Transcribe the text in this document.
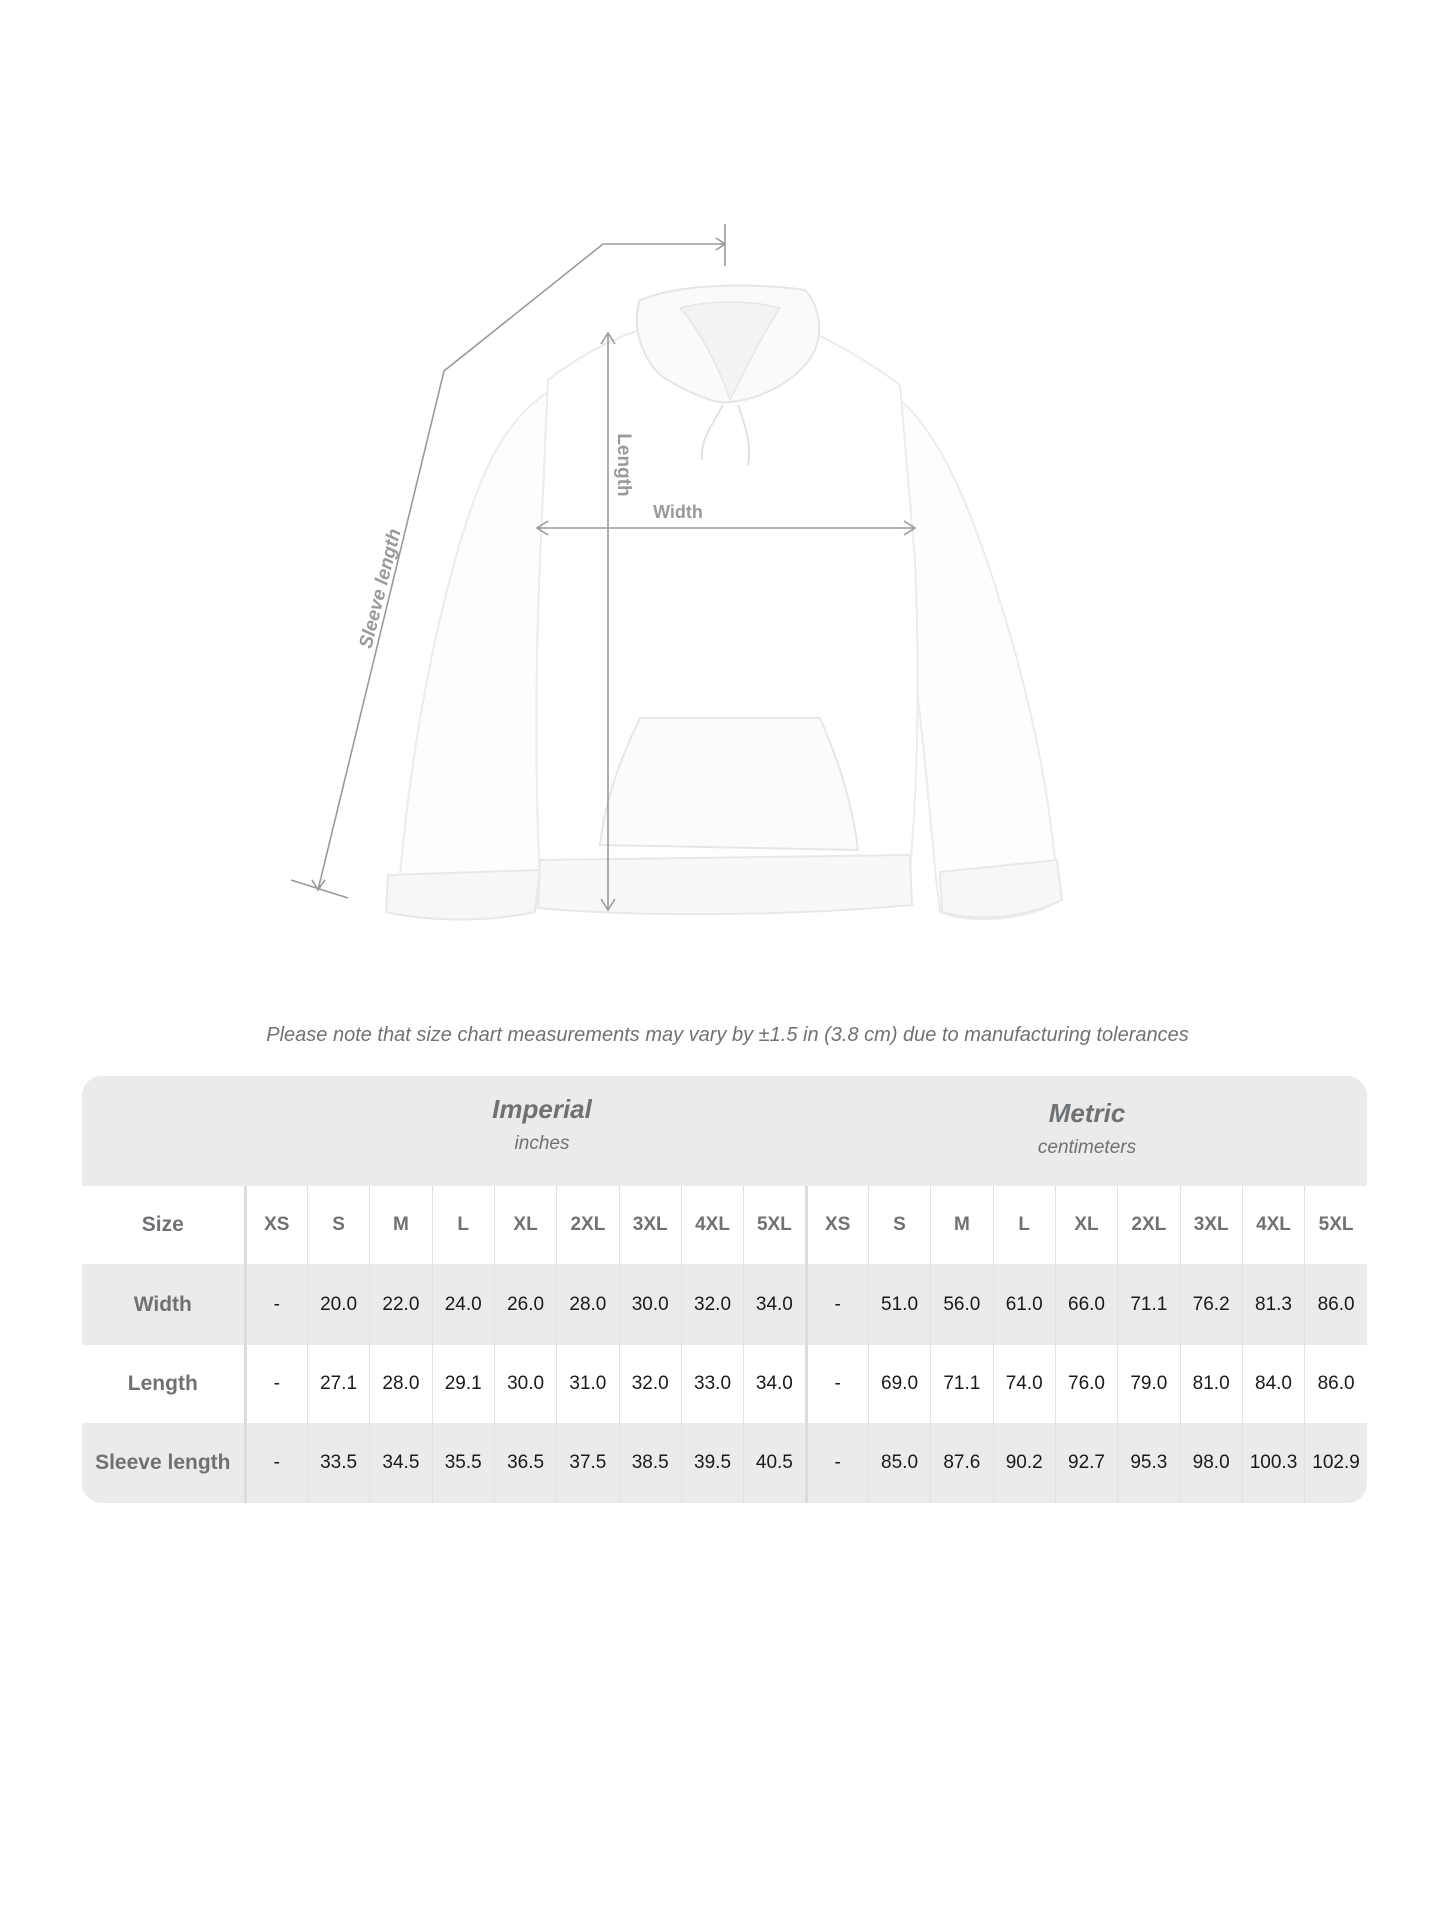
Sleeve length
Length
Width
Please note that size chart measurements may vary by ±1.5 in (3.8 cm) due to manufacturing tolerances
Imperial
inches
Metric
centimeters
Size	XS	S	M	L	XL	2XL	3XL	4XL	5XL	XS	S	M	L	XL	2XL	3XL	4XL	5XL
Width	-	20.0	22.0	24.0	26.0	28.0	30.0	32.0	34.0	-	51.0	56.0	61.0	66.0	71.1	76.2	81.3	86.0
Length	-	27.1	28.0	29.1	30.0	31.0	32.0	33.0	34.0	-	69.0	71.1	74.0	76.0	79.0	81.0	84.0	86.0
Sleeve length	-	33.5	34.5	35.5	36.5	37.5	38.5	39.5	40.5	-	85.0	87.6	90.2	92.7	95.3	98.0	100.3	102.9
